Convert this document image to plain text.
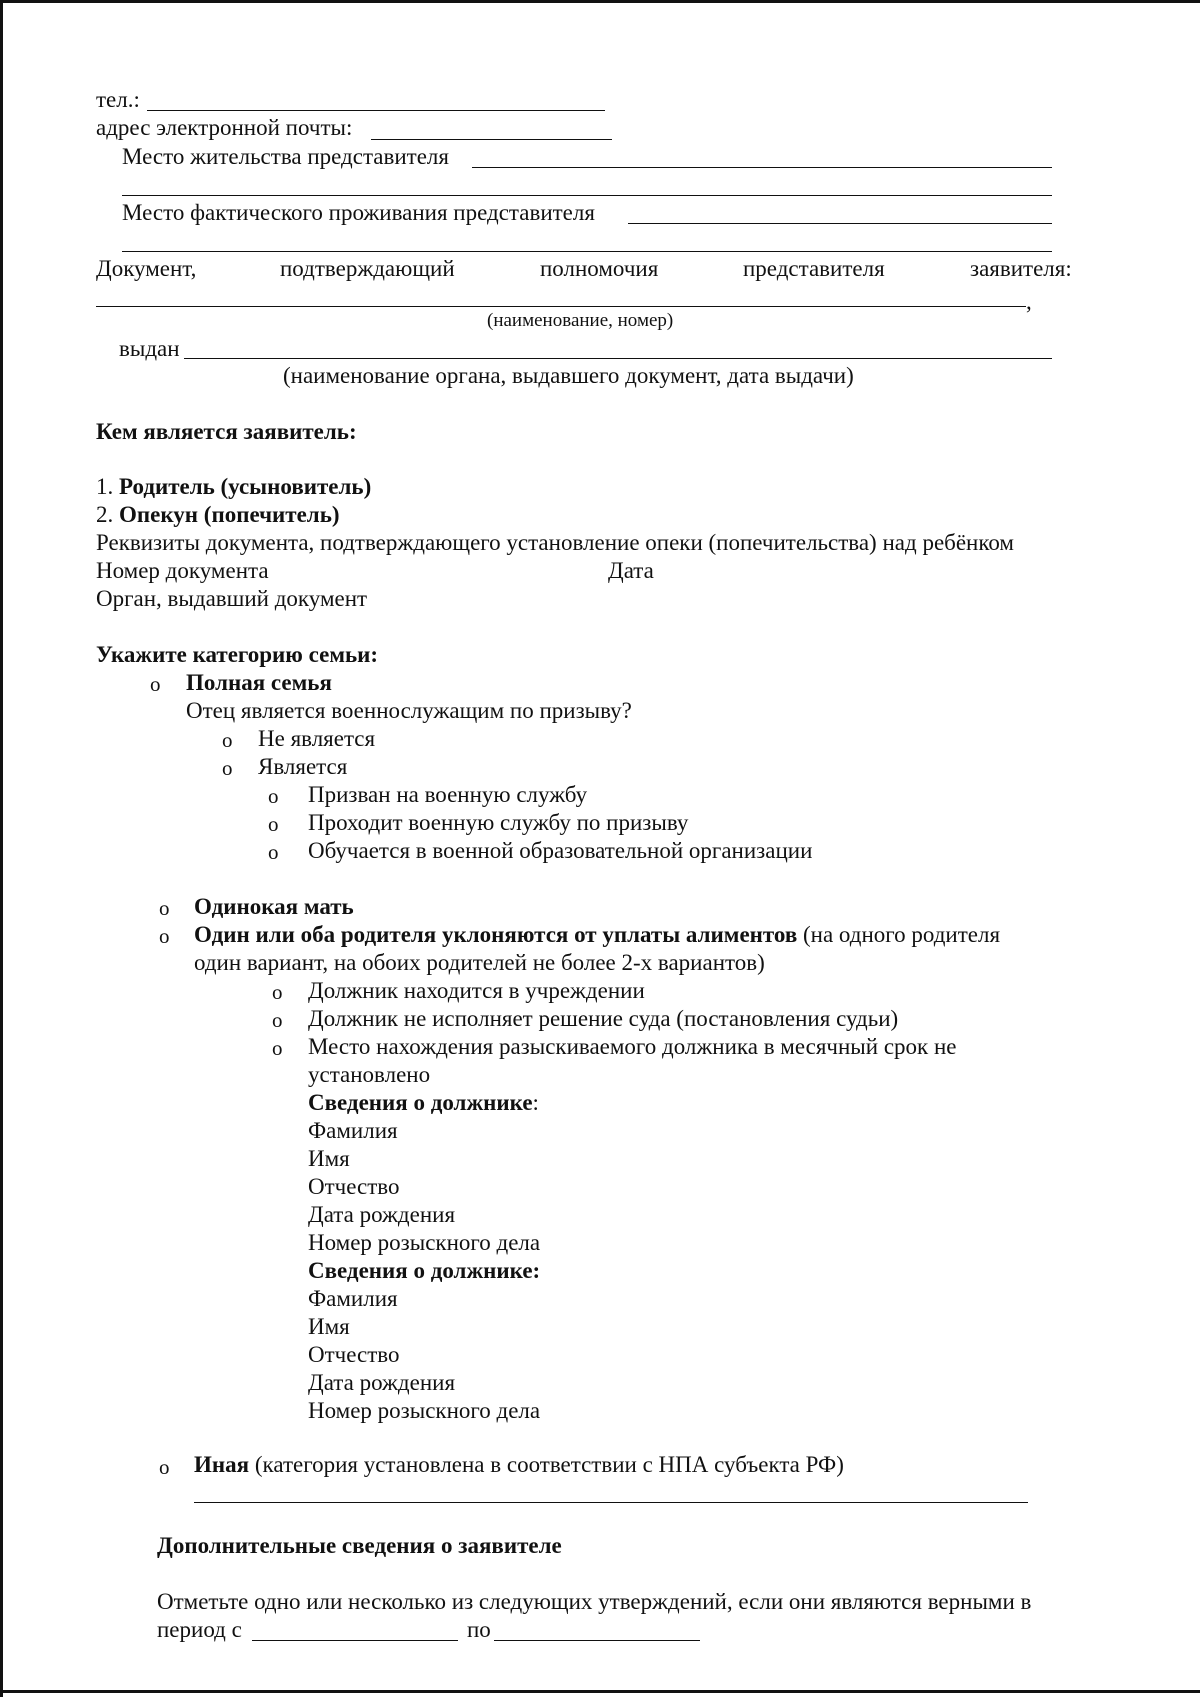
тел.:
адрес электронной почты:
Место жительства представителя
Место фактического проживания представителя
Документ,	подтверждающий	полномочия	представителя	заявителя:
,
(наименование, номер)
выдан
(наименование органа, выдавшего документ, дата выдачи)
Кем является заявитель:
1. Родитель (усыновитель)
2. Опекун (попечитель)
Реквизиты документа, подтверждающего установление опеки (попечительства) над ребёнком
Номер документа	Дата
Орган, выдавший документ
Укажите категорию семьи:
o Полная семья
Отец является военнослужащим по призыву?
o Не является
o Является
o Призван на военную службу
o Проходит военную службу по призыву
o Обучается в военной образовательной организации
o Одинокая мать
o Один или оба родителя уклоняются от уплаты алиментов (на одного родителя
один вариант, на обоих родителей не более 2-х вариантов)
o Должник находится в учреждении
o Должник не исполняет решение суда (постановления судьи)
o Место нахождения разыскиваемого должника в месячный срок не
установлено
Сведения о должнике:
Фамилия
Имя
Отчество
Дата рождения
Номер розыскного дела
Сведения о должнике:
Фамилия
Имя
Отчество
Дата рождения
Номер розыскного дела
o Иная (категория установлена в соответствии с НПА субъекта РФ)
Дополнительные сведения о заявителе
Отметьте одно или несколько из следующих утверждений, если они являются верными в
период с	по
